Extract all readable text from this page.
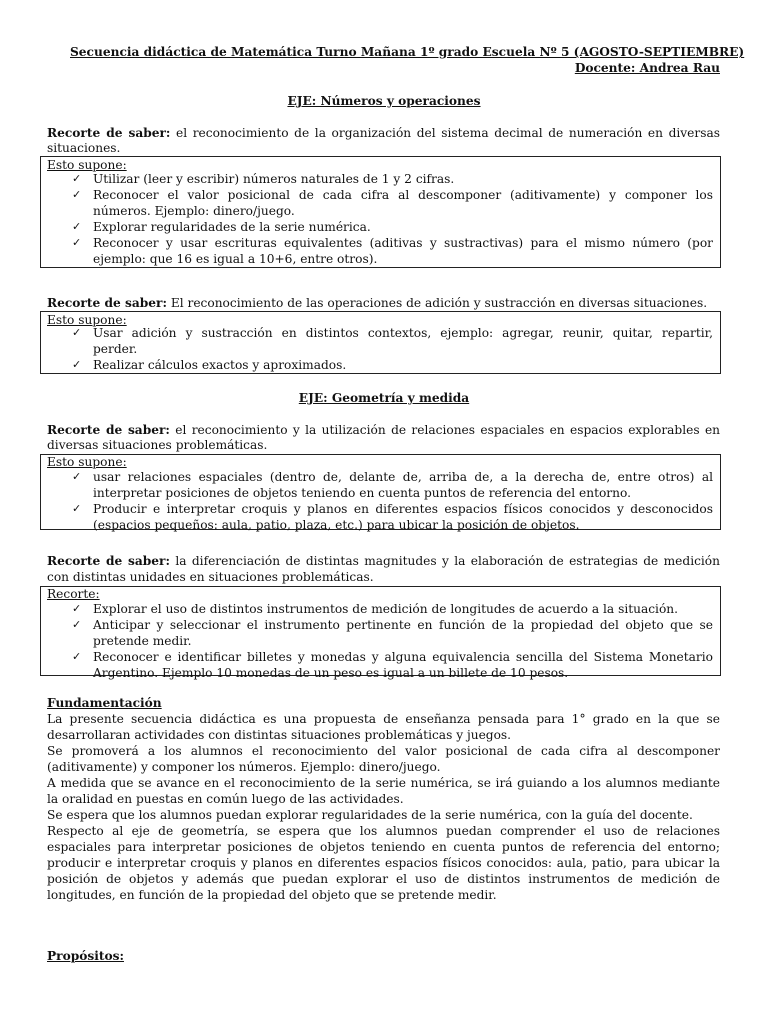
Secuencia didáctica de Matemática Turno Mañana 1º grado Escuela Nº 5 (AGOSTO-SEPTIEMBRE)
Docente: Andrea Rau
EJE: Números y operaciones
Recorte de saber: el reconocimiento de la organización del sistema decimal de numeración en diversas
situaciones.
Esto supone:
Recorte de saber: El reconocimiento de las operaciones de adición y sustracción en diversas situaciones.
Esto supone:
EJE: Geometría y medida
Recorte de saber: el reconocimiento y la utilización de relaciones espaciales en espacios explorables en
diversas situaciones problemáticas.
Esto supone:
Recorte de saber: la diferenciación de distintas magnitudes y la elaboración de estrategias de medición
con distintas unidades en situaciones problemáticas.
Recorte:
Fundamentación
Propósitos:
✓ Utilizar (leer y escribir) números naturales de 1 y 2 cifras.
✓ Reconocer el valor posicional de cada cifra al descomponer (aditivamente) y componer los
números. Ejemplo: dinero/juego.
✓ Explorar regularidades de la serie numérica.
✓ Reconocer y usar escrituras equivalentes (aditivas y sustractivas) para el mismo número (por
ejemplo: que 16 es igual a 10+6, entre otros).
✓ Usar adición y sustracción en distintos contextos, ejemplo: agregar, reunir, quitar, repartir,
perder.
✓ Realizar cálculos exactos y aproximados.
✓ usar relaciones espaciales (dentro de, delante de, arriba de, a la derecha de, entre otros) al
interpretar posiciones de objetos teniendo en cuenta puntos de referencia del entorno.
✓ Producir e interpretar croquis y planos en diferentes espacios físicos conocidos y desconocidos
(espacios pequeños: aula, patio, plaza, etc.) para ubicar la posición de objetos.
✓ Explorar el uso de distintos instrumentos de medición de longitudes de acuerdo a la situación.
✓ Anticipar y seleccionar el instrumento pertinente en función de la propiedad del objeto que se
pretende medir.
✓ Reconocer e identificar billetes y monedas y alguna equivalencia sencilla del Sistema Monetario
Argentino. Ejemplo 10 monedas de un peso es igual a un billete de 10 pesos.
La presente secuencia didáctica es una propuesta de enseñanza pensada para 1° grado en la que se
desarrollaran actividades con distintas situaciones problemáticas y juegos.
Se promoverá a los alumnos el reconocimiento del valor posicional de cada cifra al descomponer
(aditivamente) y componer los números. Ejemplo: dinero/juego.
A medida que se avance en el reconocimiento de la serie numérica, se irá guiando a los alumnos mediante
la oralidad en puestas en común luego de las actividades.
Se espera que los alumnos puedan explorar regularidades de la serie numérica, con la guía del docente.
Respecto al eje de geometría, se espera que los alumnos puedan comprender el uso de relaciones
espaciales para interpretar posiciones de objetos teniendo en cuenta puntos de referencia del entorno;
producir e interpretar croquis y planos en diferentes espacios físicos conocidos: aula, patio, para ubicar la
posición de objetos y además que puedan explorar el uso de distintos instrumentos de medición de
longitudes, en función de la propiedad del objeto que se pretende medir.
